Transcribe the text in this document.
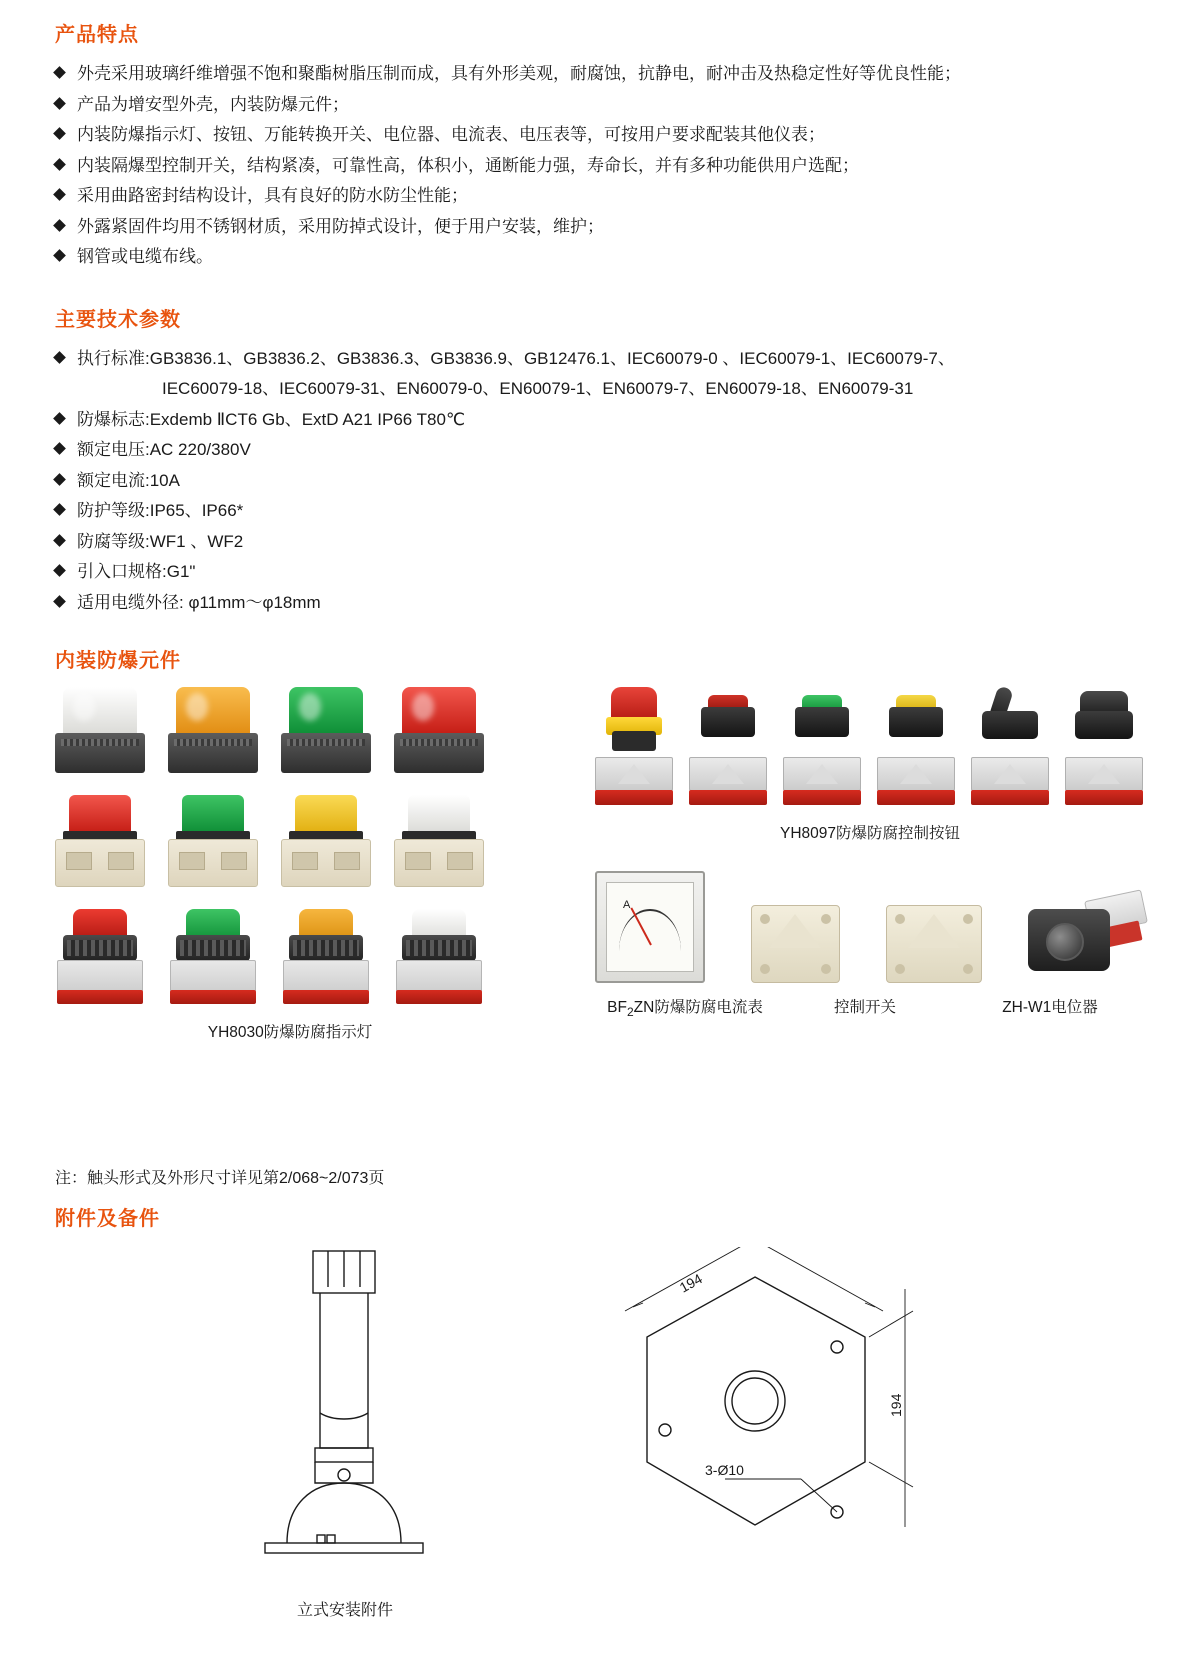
产品特点
外壳采用玻璃纤维增强不饱和聚酯树脂压制而成，具有外形美观，耐腐蚀，抗静电，耐冲击及热稳定性好等优良性能；
产品为增安型外壳，内装防爆元件；
内装防爆指示灯、按钮、万能转换开关、电位器、电流表、电压表等，可按用户要求配装其他仪表；
内装隔爆型控制开关，结构紧凑，可靠性高，体积小，通断能力强，寿命长，并有多种功能供用户选配；
采用曲路密封结构设计，具有良好的防水防尘性能；
外露紧固件均用不锈钢材质，采用防掉式设计，便于用户安装，维护；
钢管或电缆布线。
主要技术参数
执行标准:GB3836.1、GB3836.2、GB3836.3、GB3836.9、GB12476.1、IEC60079-0 、IEC60079-1、IEC60079-7、
IEC60079-18、IEC60079-31、EN60079-0、EN60079-1、EN60079-7、EN60079-18、EN60079-31
防爆标志:Exdemb ⅡCT6 Gb、ExtD A21 IP66 T80℃
额定电压:AC 220/380V
额定电流:10A
防护等级:IP65、IP66*
防腐等级:WF1 、WF2
引入口规格:G1"
适用电缆外径: φ11mm～φ18mm
内装防爆元件
YH8030防爆防腐指示灯
YH8097防爆防腐控制按钮
A
$BF_2ZN$防爆防腐电流表	控制开关	ZH-W1电位器
注：触头形式及外形尺寸详见第2/068~2/073页
附件及备件
立式安装附件
194
194
3-Ø10
